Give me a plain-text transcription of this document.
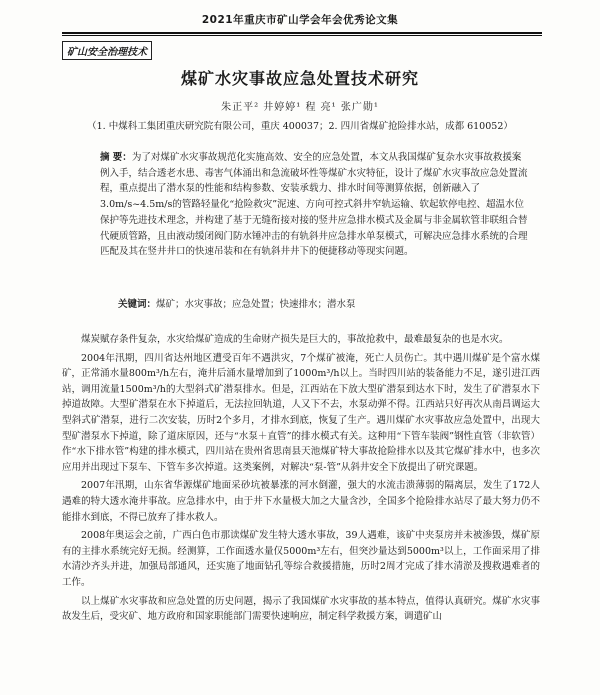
2021年重庆市矿山学会年会优秀论文集
矿山安全治理技术
煤矿水灾事故应急处置技术研究
朱正平² 井婷婷¹ 程 亮¹ 张广勋¹
（1. 中煤科工集团重庆研究院有限公司，重庆 400037；2. 四川省煤矿抢险排水站，成都 610052）
摘 要：为了对煤矿水灾事故规范化实施高效、安全的应急处置，本文从我国煤矿复杂水灾事故救援案例入手，结合透老水患、毒害气体涌出和急流破坏性等煤矿水灾特征，设计了煤矿水灾事故应急处置流程，重点提出了潜水泵的性能和结构参数、安装承载力、排水时间等测算依据，创新融入了3.0m/s~4.5m/s的管路轻量化“抢险救灾”泥速、方向可控式斜井窄轨运输、软起软停电控、超温水位保护等先进技术理念，并构建了基于无缝衔接对接的竖井应急排水模式及金属与非金属软管非联组合替代硬质管路，且由液动缓闭阀门防水锤冲击的有轨斜井应急排水单泵模式，可解决应急排水系统的合理匹配及其在竖井井口的快速吊装和在有轨斜井井下的便捷移动等现实问题。
关键词：煤矿；水灾事故；应急处置；快速排水；潜水泵

煤炭赋存条件复杂，水灾给煤矿造成的生命财产损失是巨大的，事故抢救中，最难最复杂的也是水灾。

2004年汛期，四川省达州地区遭受百年不遇洪灾，7个煤矿被淹，死亡人员伤亡。其中遇川煤矿是个富水煤矿，正常涌水量800m³/h左右，淹井后涌水量增加到了1000m³/h以上。当时四川站的装备能力不足，遂引进江西站，调用流量1500m³/h的大型斜式矿潜泵排水。但是，江西站在下放大型矿潜泵到达水下时，发生了矿潜泵水下掉道故障。大型矿潜泵在水下掉道后，无法拉回轨道，人又下不去，水泵动弹不得。江西站只好再次从南昌调运大型斜式矿潜泵，进行二次安装，历时2个多月，才排水到底，恢复了生产。遇川煤矿水灾事故应急处置中，出现大型矿潜泵水下掉道，除了道床原因，还与“水泵＋直管”的排水模式有关。这种用“下管车装阀”钢性直管（非软管）作“水下排水管”构建的排水模式，四川站在贵州省思南县天池煤矿特大事故抢险排水以及其它煤矿排水中，也多次应用并出现过下泵车、下管车多次掉道。这类案例，对解决“泵-管”从斜井安全下放提出了研究课题。

2007年汛期，山东省华源煤矿地面采砂坑被暴涨的河水倒灌，强大的水流击溃薄弱的隔离层，发生了172人遇难的特大透水淹井事故。应急排水中，由于井下水量极大加之大量含沙，全国多个抢险排水站尽了最大努力仍不能排水到底，不得已放弃了排水救人。

2008年奥运会之前，广西白色市那读煤矿发生特大透水事故，39人遇难，该矿中夹泵房并未被渗毁，煤矿原有的主排水系统完好无损。经测算，工作面透水量仅5000m³左右，但突沙量达到5000m³以上，工作面采用了排水清沙齐头并进，加强局部通风，还实施了地面钻孔等综合救援措施，历时2周才完成了排水清淤及搜救遇难者的工作。

以上煤矿水灾事故和应急处置的历史问题，揭示了我国煤矿水灾事故的基本特点，值得认真研究。煤矿水灾事故发生后，受灾矿、地方政府和国家职能部门需要快速响应，制定科学救援方案，调遣矿山
